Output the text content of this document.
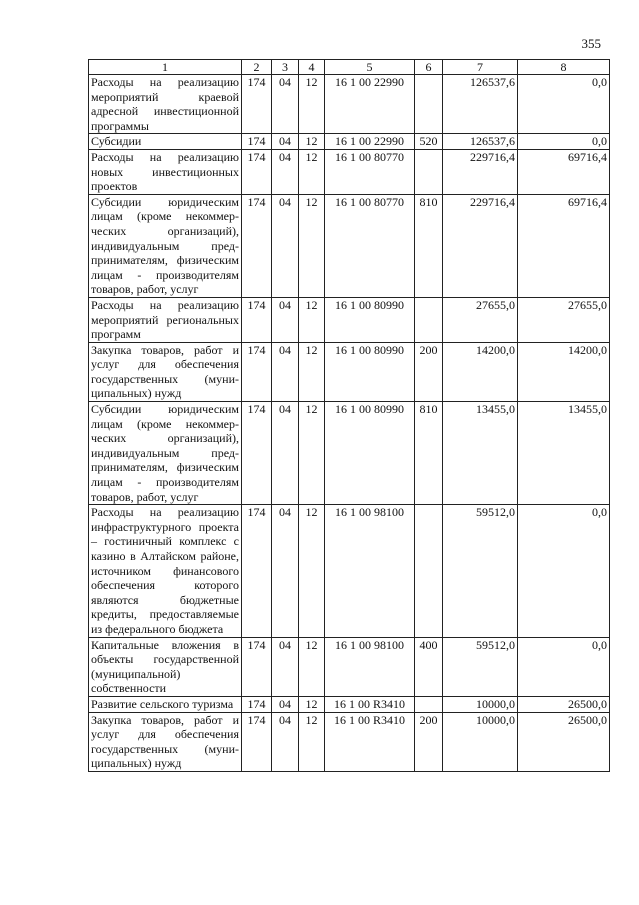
355
1	2	3	4	5	6	7	8
Расходы на реализацию мероприятий краевой адресной инвестиционной программы	174	04	12	16 1 00 22990		126537,6	0,0
Субсидии	174	04	12	16 1 00 22990	520	126537,6	0,0
Расходы на реализацию новых инвестиционных проектов	174	04	12	16 1 00 80770		229716,4	69716,4
Субсидии юридическим лицам (кроме некоммерческих организаций), индивидуальным предпринимателям, физическим лицам - производителям товаров, работ, услуг	174	04	12	16 1 00 80770	810	229716,4	69716,4
Расходы на реализацию мероприятий региональных программ	174	04	12	16 1 00 80990		27655,0	27655,0
Закупка товаров, работ и услуг для обеспечения государственных (муниципальных) нужд	174	04	12	16 1 00 80990	200	14200,0	14200,0
Субсидии юридическим лицам (кроме некоммерческих организаций), индивидуальным предпринимателям, физическим лицам - производителям товаров, работ, услуг	174	04	12	16 1 00 80990	810	13455,0	13455,0
Расходы на реализацию инфраструктурного проекта – гостиничный комплекс с казино в Алтайском районе, источником финансового обеспечения которого являются бюджетные кредиты, предоставляемые из федерального бюджета	174	04	12	16 1 00 98100		59512,0	0,0
Капитальные вложения в объекты государственной (муниципальной) собственности	174	04	12	16 1 00 98100	400	59512,0	0,0
Развитие сельского туризма	174	04	12	16 1 00 R3410		10000,0	26500,0
Закупка товаров, работ и услуг для обеспечения государственных (муниципальных) нужд	174	04	12	16 1 00 R3410	200	10000,0	26500,0
